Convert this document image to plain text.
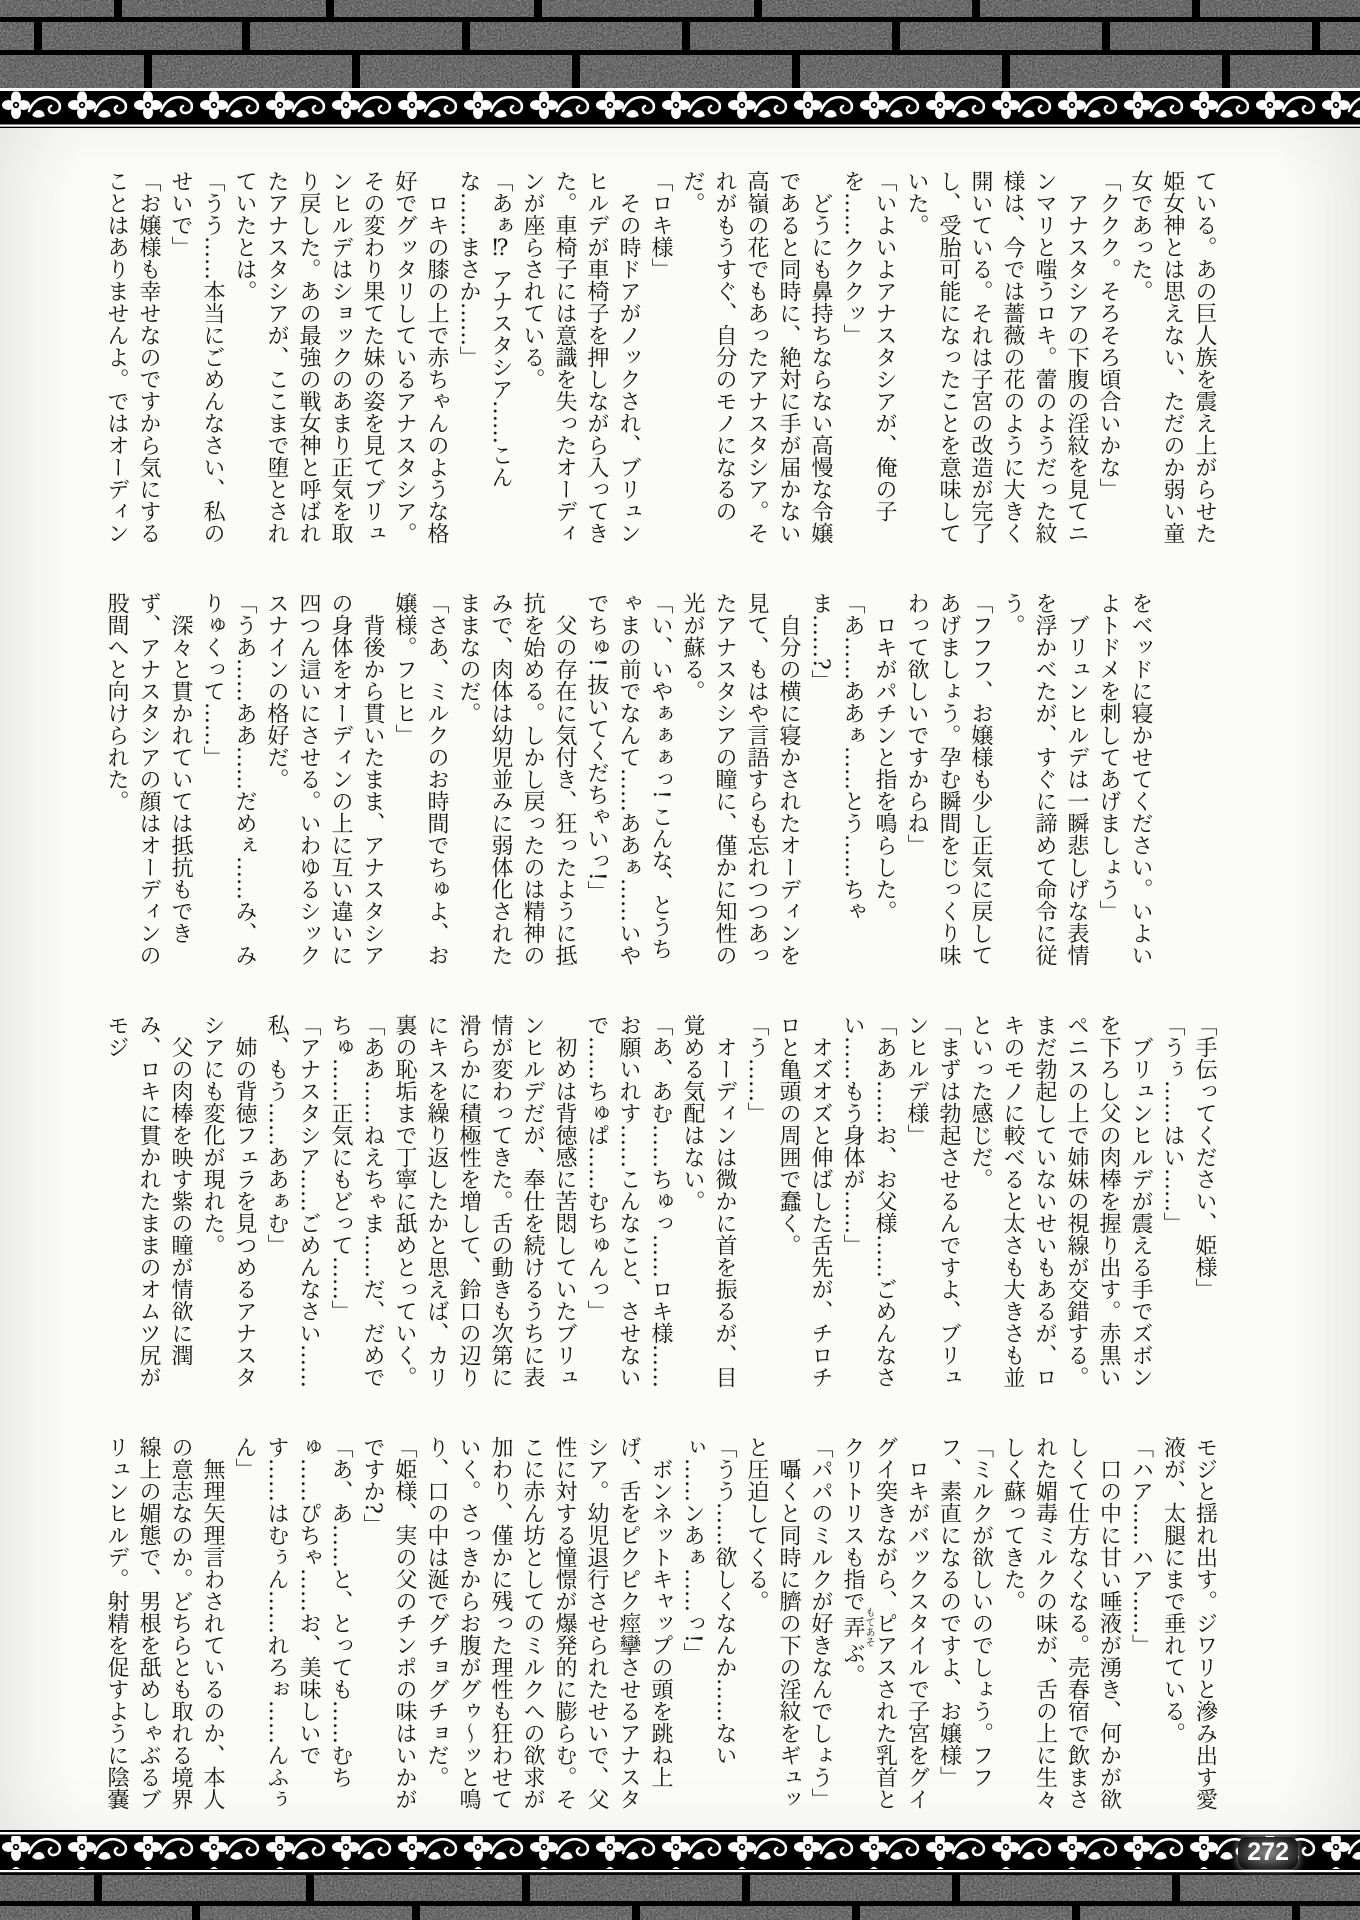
ている。あの巨人族を震え上がらせた姫女神とは思えない、ただのか弱い童女であった。

「ククク。そろそろ頃合いかな」

アナスタシアの下腹の淫紋を見てニンマリと嗤うロキ。蕾のようだった紋様は、今では薔薇の花のように大きく開いている。それは子宮の改造が完了し、受胎可能になったことを意味していた。

「いよいよアナスタシアが、俺の子を……クククッ」

どうにも鼻持ちならない高慢な令嬢であると同時に、絶対に手が届かない高嶺の花でもあったアナスタシア。それがもうすぐ、自分のモノになるのだ。

「ロキ様」

その時ドアがノックされ、ブリュンヒルデが車椅子を押しながら入ってきた。車椅子には意識を失ったオーディンが座らされている。

「あぁ⁉ アナスタシア……こんな……まさか……」

ロキの膝の上で赤ちゃんのような格好でグッタリしているアナスタシア。その変わり果てた妹の姿を見てブリュンヒルデはショックのあまり正気を取り戻した。あの最強の戦女神と呼ばれたアナスタシアが、ここまで堕とされていたとは。

「うう……本当にごめんなさい、私のせいで」

「お嬢様も幸せなのですから気にすることはありませんよ。ではオーディン

をベッドに寝かせてください。いよいよトドメを刺してあげましょう」

ブリュンヒルデは一瞬悲しげな表情を浮かべたが、すぐに諦めて命令に従う。

「フフフ、お嬢様も少し正気に戻してあげましょう。孕む瞬間をじっくり味わって欲しいですからね」

ロキがパチンと指を鳴らした。

「あ……ああぁ……とう……ちゃま……?」

自分の横に寝かされたオーディンを見て、もはや言語すらも忘れつつあったアナスタシアの瞳に、僅かに知性の光が蘇る。

「い、いやぁぁぁっ! こんな、とうちゃまの前でなんて……ああぁ……いやでちゅ! 抜いてくだちゃいっ!」

父の存在に気付き、狂ったように抵抗を始める。しかし戻ったのは精神のみで、肉体は幼児並みに弱体化されたままなのだ。

「さあ、ミルクのお時間でちゅよ、お嬢様。フヒヒ」

背後から貫いたまま、アナスタシアの身体をオーディンの上に互い違いに四つん這いにさせる。いわゆるシックスナインの格好だ。

「うあ……ああ……だめぇ……み、みりゅくって……」

深々と貫かれていては抵抗もできず、アナスタシアの顔はオーディンの股間へと向けられた。

「手伝ってください、姫様」

「うぅ……はい……」

ブリュンヒルデが震える手でズボンを下ろし父の肉棒を握り出す。赤黒いペニスの上で姉妹の視線が交錯する。まだ勃起していないせいもあるが、ロキのモノに較べると太さも大きさも並といった感じだ。

「まずは勃起させるんですよ、ブリュンヒルデ様」

「ああ……お、お父様……ごめんなさい……もう身体が……」

オズオズと伸ばした舌先が、チロチロと亀頭の周囲で蠢く。

「う……」

オーディンは微かに首を振るが、目覚める気配はない。

「あ、あむ……ちゅっ……ロキ様……お願いれす……こんなこと、させないで……ちゅぱ……むちゅんっ」

初めは背徳感に苦悶していたブリュンヒルデだが、奉仕を続けるうちに表情が変わってきた。舌の動きも次第に滑らかに積極性を増して、鈴口の辺りにキスを繰り返したかと思えば、カリ裏の恥垢まで丁寧に舐めとっていく。

「ああ……ねえちゃま……だ、だめでちゅ……正気にもどって……」

「アナスタシア……ごめんなさい……私、もう……ああぁむ」

姉の背徳フェラを見つめるアナスタシアにも変化が現れた。

父の肉棒を映す紫の瞳が情欲に潤み、ロキに貫かれたままのオムツ尻がモジ

モジと揺れ出す。ジワリと滲み出す愛液が、太腿にまで垂れている。

「ハア……ハア……」

口の中に甘い唾液が湧き、何かが欲しくて仕方なくなる。売春宿で飲まされた媚毒ミルクの味が、舌の上に生々しく蘇ってきた。

「ミルクが欲しいのでしょう。フフフ、素直になるのですよ、お嬢様」

ロキがバックスタイルで子宮をグイグイ突きながら、ピアスされた乳首とクリトリスも指で弄もてあそぶ。

「パパのミルクが好きなんでしょう」

囁くと同時に臍の下の淫紋をギュッと圧迫してくる。

「うう……欲しくなんか……ないぃ……ンあぁ……っ!」

ボンネットキャップの頭を跳ね上げ、舌をピクピク痙攣させるアナスタシア。幼児退行させられたせいで、父性に対する憧憬が爆発的に膨らむ。そこに赤ん坊としてのミルクへの欲求が加わり、僅かに残った理性も狂わせていく。さっきからお腹がグゥ〜ッと鳴り、口の中は涎でグチョグチョだ。

「姫様、実の父のチンポの味はいかがですか?」

「あ、あ……と、とっても……むちゅ……ぴちゃ……お、美味しいです……はむぅん……れろぉ……んふぅん」

無理矢理言わされているのか、本人の意志なのか。どちらとも取れる境界線上の媚態で、男根を舐めしゃぶるブリュンヒルデ。射精を促すように陰嚢

272
